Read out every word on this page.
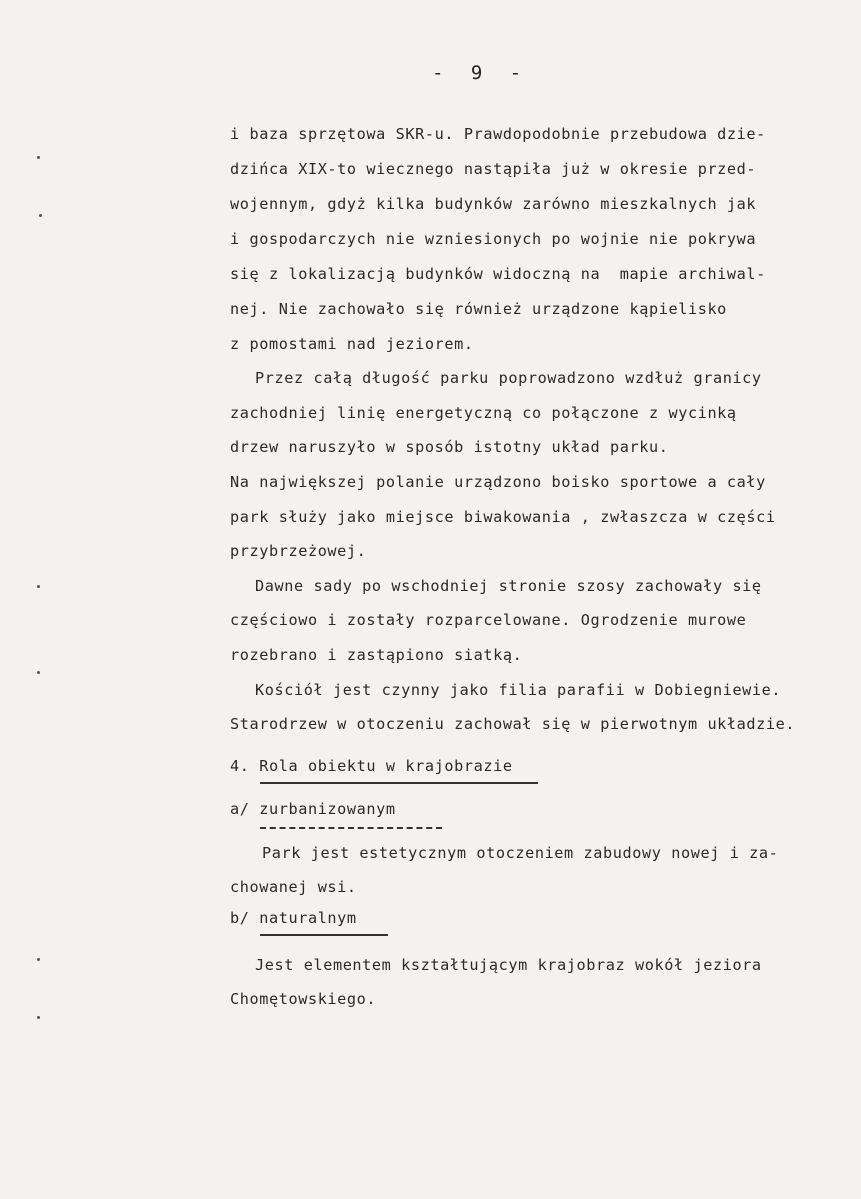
- 9 -
i baza sprzętowa SKR-u. Prawdopodobnie przebudowa dzie-
dzińca XIX-to wiecznego nastąpiła już w okresie przed-
wojennym, gdyż kilka budynków zarówno mieszkalnych jak
i gospodarczych nie wzniesionych po wojnie nie pokrywa
się z lokalizacją budynków widoczną na  mapie archiwal-
nej. Nie zachowało się również urządzone kąpielisko
z pomostami nad jeziorem.
Przez całą długość parku poprowadzono wzdłuż granicy
zachodniej linię energetyczną co połączone z wycinką
drzew naruszyło w sposób istotny układ parku.
Na największej polanie urządzono boisko sportowe a cały
park służy jako miejsce biwakowania , zwłaszcza w części
przybrzeżowej.
Dawne sady po wschodniej stronie szosy zachowały się
częściowo i zostały rozparcelowane. Ogrodzenie murowe
rozebrano i zastąpiono siatką.
Kościół jest czynny jako filia parafii w Dobiegniewie.
Starodrzew w otoczeniu zachował się w pierwotnym układzie.
4. Rola obiektu w krajobrazie
a/ zurbanizowanym
Park jest estetycznym otoczeniem zabudowy nowej i za-
chowanej wsi.
b/ naturalnym
Jest elementem kształtującym krajobraz wokół jeziora
Chomętowskiego.
